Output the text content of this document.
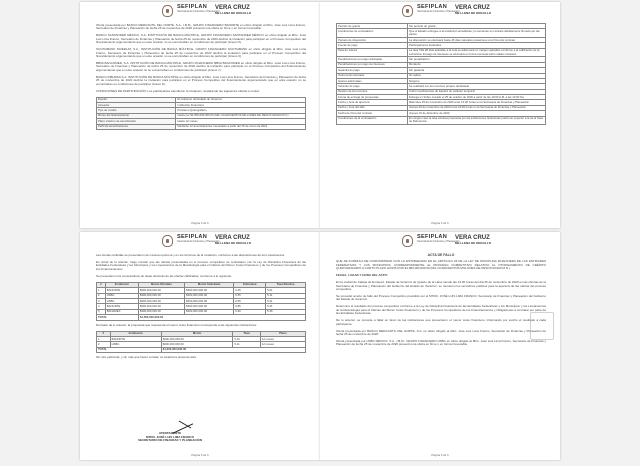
SEFIPLAN
Secretaría de Finanzas y Planeación
VERA CRUZ
ME LLENA DE ORGULLO

Oferta presentada por BANCO MERCANTIL DEL NORTE, S.A., I.B.M., GRUPO FINANCIERO BANORTE en oficio dirigido al Mtro. José Luis Lima Franco, Secretario de Finanzas y Planeación de fecha 25 de noviembre de 2020 presentó una oferta en firme y en forma irrevocable.

BANCO SANTANDER MÉXICO, S.A. INSTITUCIÓN DE BANCA MÚLTIPLE, GRUPO FINANCIERO SANTANDER MÉXICO en oficio dirigido al Mtro. José Luis Lima Franco, Secretario de Finanzas y Planeación de fecha 25 de noviembre de 2020 declinó la invitación para participar en el Proceso Competitivo del financiamiento argumentando que en este ocasión no se encontraban en condiciones de participar (Anexo 5).

SCOTIABANK INVERLAT, S.A., INSTITUCIÓN DE BANCA MÚLTIPLE, GRUPO FINANCIERO SCOTIABANK en oficio dirigido al Mtro. José Luis Lima Franco, Secretario de Finanzas y Planeación de fecha 25 de noviembre de 2020 declinó la invitación para participar en el Proceso Competitivo del financiamiento argumentando que en este ocasión no se encontraban en condiciones de participar (Anexo 6).

BBVA BANCOMER, S.A. INSTITUCIÓN DE BANCA MÚLTIPLE, GRUPO FINANCIERO BBVA BANCOMER en oficio dirigido al Mtro. José Luis Lima Franco, Secretario de Finanzas y Planeación de fecha 25 de noviembre de 2020 declinó la invitación para participar en el Proceso Competitivo del financiamiento argumentando que en este ocasión no se encontraban en condiciones de participar (Anexo 7).

BANCO INBURSA S.A. INSTITUCIÓN DE BANCA MÚLTIPLE en oficio dirigido al Mtro. José Luis Lima Franco, Secretario de Finanzas y Planeación de fecha 25 de noviembre de 2020 declinó la invitación para participar en el Proceso Competitivo del financiamiento argumentando que en esta ocasión no se encontraban en condiciones de participar (Anexo 8).

CONDICIONES DE PARTICIPACIÓN: Los participantes atendieron la invitación, declarando las siguientes ofertas a contar:

Deudor	El Gobierno del Estado de Veracruz
Acreedor	Institución Financiera
Tipo de crédito	Préstamo Quirografario
Monto del financiamiento	Hasta por $1,800,000,000.00 (MIL OCHOCIENTOS MILLONES DE PESOS 00/100 M.N.)
Plazo máximo de amortización	Hasta 12 meses
Perfil de amortizaciones	Mediante 12 amortizaciones mensuales a partir del 15 de enero de 2021
Página 3 de 6
SEFIPLAN
Secretaría de Finanzas y Planeación
VERA CRUZ
ME LLENA DE ORGULLO
Periodo de gracia	Sin periodo de gracia
Condiciones de contratación	Que el Estado entregue a la Institución acreditante y/o remitente su contrato debidamente firmado por las partes
Periodo de disposición	La disposición se efectuará hasta 45 días naturales posteriores a la firma del contrato
Fuente de pago	Participaciones Federales
Tasa de Interés	La tasa TIIE 28 días aplicable a la cual se adicionará un margen aplicable conforme a la calificación de la estructura. El pago de intereses se efectuará en forma mensual sobre saldos insolutos
Penalizaciones por pago anticipado	Sin penalización
Penalizaciones por pago de intereses	Moratorio
Garantía de pago	Sin garantía
Instrumento derivado	No aplica
Gastos adicionales	Ninguno
Vehículo de pago	Se realizará con los recursos propios del Estado
Destino de los recursos	Cubrir insuficiencias de liquidez de carácter temporal
Forma de entrega de propuestas	Entrega en Sobre cerrado el 25 de octubre de 2020 a partir de las 10:00 A.M. a las 13:00 hrs.
Fecha y hora de apertura	Miércoles 25 de noviembre de 2020 a las 13:30 horas en la Secretaría de Finanzas y Planeación
Fecha y hora del fallo	Jueves 26 de noviembre de 2020 a las 13:00 horas en la Secretaría de Finanzas y Planeación
Fecha de firma del contrato	Jueves 10 de diciembre de 2020
Condiciones de la contratación	En ningún caso la tasa efectiva propuesta por las instituciones financieras podrá ser superior a la de la Tasa de Referencia
Página 4 de 6
SEFIPLAN
Secretaría de Finanzas y Planeación
VERA CRUZ
ME LLENA DE ORGULLO

Las ofertas recibidas se presentaron de manera oportuna y en los términos de la invitación, conforme a las disposiciones de los Lineamientos.

En virtud de lo anterior, hago constar que las ofertas presentadas en el proceso competitivo se contrataron con la Ley de Disciplina Financiera de las Entidades Federativas y los Municipios y los Lineamientos de la Metodología para el Cálculo del Menor Costo Financiero y de los Procesos Competitivos de los Financiamientos.

Se presentaron los comparativos de tasas efectivas de las ofertas calificadas, conforme a lo siguiente:

#	Institución	Monto Ofertado	Monto Solicitado	Sobretasa	Tasa Efectiva
1	BANORTE	$300,000,000.00	$300,000,000.00	0.45	5.01
2	HSBC	$300,000,000.00	$300,000,000.00	0.55	5.11
3	HSBC	$300,000,000.00	$300,000,000.00	0.65	5.21
4	BANORTE	$300,000,000.00	$300,000,000.00	0.85	5.41
5	BANAMEX	$300,000,000.00	$300,000,000.00	0.90	5.46
TOTAL		$1,500,000,000.00			

Derivado de lo anterior, la propuesta que representa el menor costo financiero corresponde a las siguientes instituciones:

#	Institución	Monto	Tasa	Plazo
1	BANORTE	$600,000,000.00	5.01	12 meses
2	HSBC	$600,000,000.00	5.11	12 meses
TOTAL		$1,200,000,000.00		

Sin otro particular, y sin más que hacer constar, se levanta la presente acta.

ATENTAMENTE
MTRO. JOSÉ LUIS LIMA FRANCO
SECRETARIO DE FINANZAS Y PLANEACIÓN
Página 5 de 6
SEFIPLAN
Secretaría de Finanzas y Planeación
VERA CRUZ
ME LLENA DE ORGULLO

ACTA DE FALLO

QUE SE FORMULA DE CONFORMIDAD CON LO ESTABLECIDO EN EL ARTÍCULO 26 DE LA LEY DE DISCIPLINA FINANCIERA DE LAS ENTIDADES FEDERATIVAS Y LOS MUNICIPIOS, CORRESPONDIENTE AL PROCESO COMPETITIVO RELATIVO AL OTORGAMIENTO DE CRÉDITO QUIROGRAFARIO A CORTO PLAZO HASTA POR $1,800,000,000.00 (MIL OCHOCIENTOS MILLONES DE PESOS 00/100 M.N.).

FECHA, LUGAR Y HORA DEL ACTO:

En la ciudad de Xalapa de Enríquez, Estado de Veracruz de Ignacio de la Llave siendo las 13:30 horas del día 25 de noviembre de 2020 en las oficinas de la Secretaría de Finanzas y Planeación del Gobierno del Estado de Veracruz, se reunieron los servidores públicos para la apertura de las ofertas del proceso competitivo.

Se procedió al acto de fallo del Proceso Competitivo presidido por el MTRO. JOSÉ LUIS LIMA FRANCO, Secretario de Finanzas y Planeación del Gobierno del Estado de Veracruz.

Determinó el resultado del proceso competitivo conforme a la Ley de Disciplina Financiera de las Entidades Federativas y los Municipios y los Lineamientos de la Metodología para el Cálculo del Menor Costo Financiero y de los Procesos Competitivos de los Financiamientos y Obligaciones a contratar por parte de las Entidades Federativas.

De lo anterior, se procede a fallar en favor de las instituciones que presentaron el menor costo financiero, informando por escrito el resultado a cada participante.

Oferta presentada por BANCO MERCANTIL DEL NORTE, S.A. en oficio dirigido al Mtro. José Luis Lima Franco, Secretario de Finanzas y Planeación de fecha 25 de noviembre de 2020.

Oferta presentada por HSBC MÉXICO, S.A., I.B.M., GRUPO FINANCIERO HSBC en oficio dirigido al Mtro. José Luis Lima Franco, Secretario de Finanzas y Planeación de fecha 25 de noviembre de 2020 presentó una oferta en firme y en forma irrevocable.

Página 6 de 6
